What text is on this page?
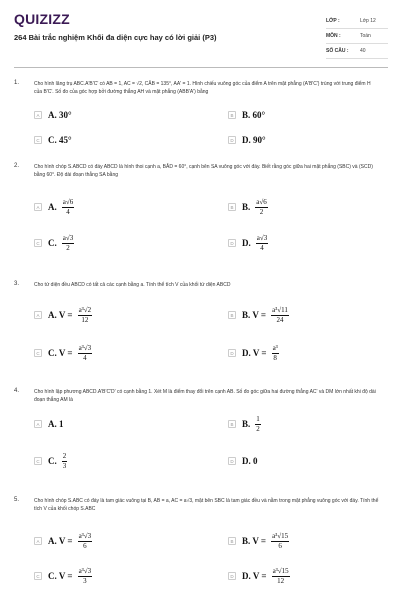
QUIZIZZ
264 Bài trắc nghiệm Khối đa diện cực hay có lời giải (P3)
LỚP :	Lớp 12
MÔN :	Toán
SỐ CÂU :	40
1.	Cho hình lăng trụ ABC.A'B'C' có AB = 1, AC = √2, CÂB = 135°, AA' = 1. Hình chiếu vuông góc của điểm A trên mặt phẳng (A'B'C') trùng với trung điểm H của B'C'. Số đo của góc hợp bởi đường thẳng AH và mặt phẳng (ABB'A') bằng
A A. 30°	B B. 60°
C C. 45°	D D. 90°
2.	Cho hình chóp S.ABCD có đáy ABCD là hình thoi cạnh a, BÂD = 60°, cạnh bên SA vuông góc với đáy. Biết rằng góc giữa hai mặt phẳng (SBC) và (SCD) bằng 60°. Độ dài đoạn thẳng SA bằng
A A. $\frac{a√6}{4}$	B B. $\frac{a√6}{2}$
C C. $\frac{a√3}{2}$	D D. $\frac{a√3}{4}$
3.	Cho tứ diện đều ABCD có tất cả các cạnh bằng a. Tính thể tích V của khối tứ diện ABCD
A A. $V = \frac{\text{a³√2}}{12}$	B B. $V = \frac{\text{a³√11}}{24}$
C C. $V = \frac{\text{a³√3}}{4}$	D D. $V = \frac{\text{a³}}{8}$
4.	Cho hình lập phương ABCD.A'B'C'D' có cạnh bằng 1. Xét M là điểm thay đổi trên cạnh AB. Số đo góc giữa hai đường thẳng AC' và DM lớn nhất khi độ dài đoạn thẳng AM là
A A. 1	B B. $\frac{1}{2}$
C C. $\frac{2}{3}$	D D. 0
5.	Cho hình chóp S.ABC có đáy là tam giác vuông tại B, AB = a, AC = a√3, mặt bên SBC là tam giác đều và nằm trong mặt phẳng vuông góc với đáy. Tính thể tích V của khối chóp S.ABC
A A. $V = \frac{\text{a³√3}}{6}$	B B. $V = \frac{\text{a³√15}}{6}$
C C. $V = \frac{\text{a³√3}}{3}$	D D. $V = \frac{\text{a³√15}}{12}$
